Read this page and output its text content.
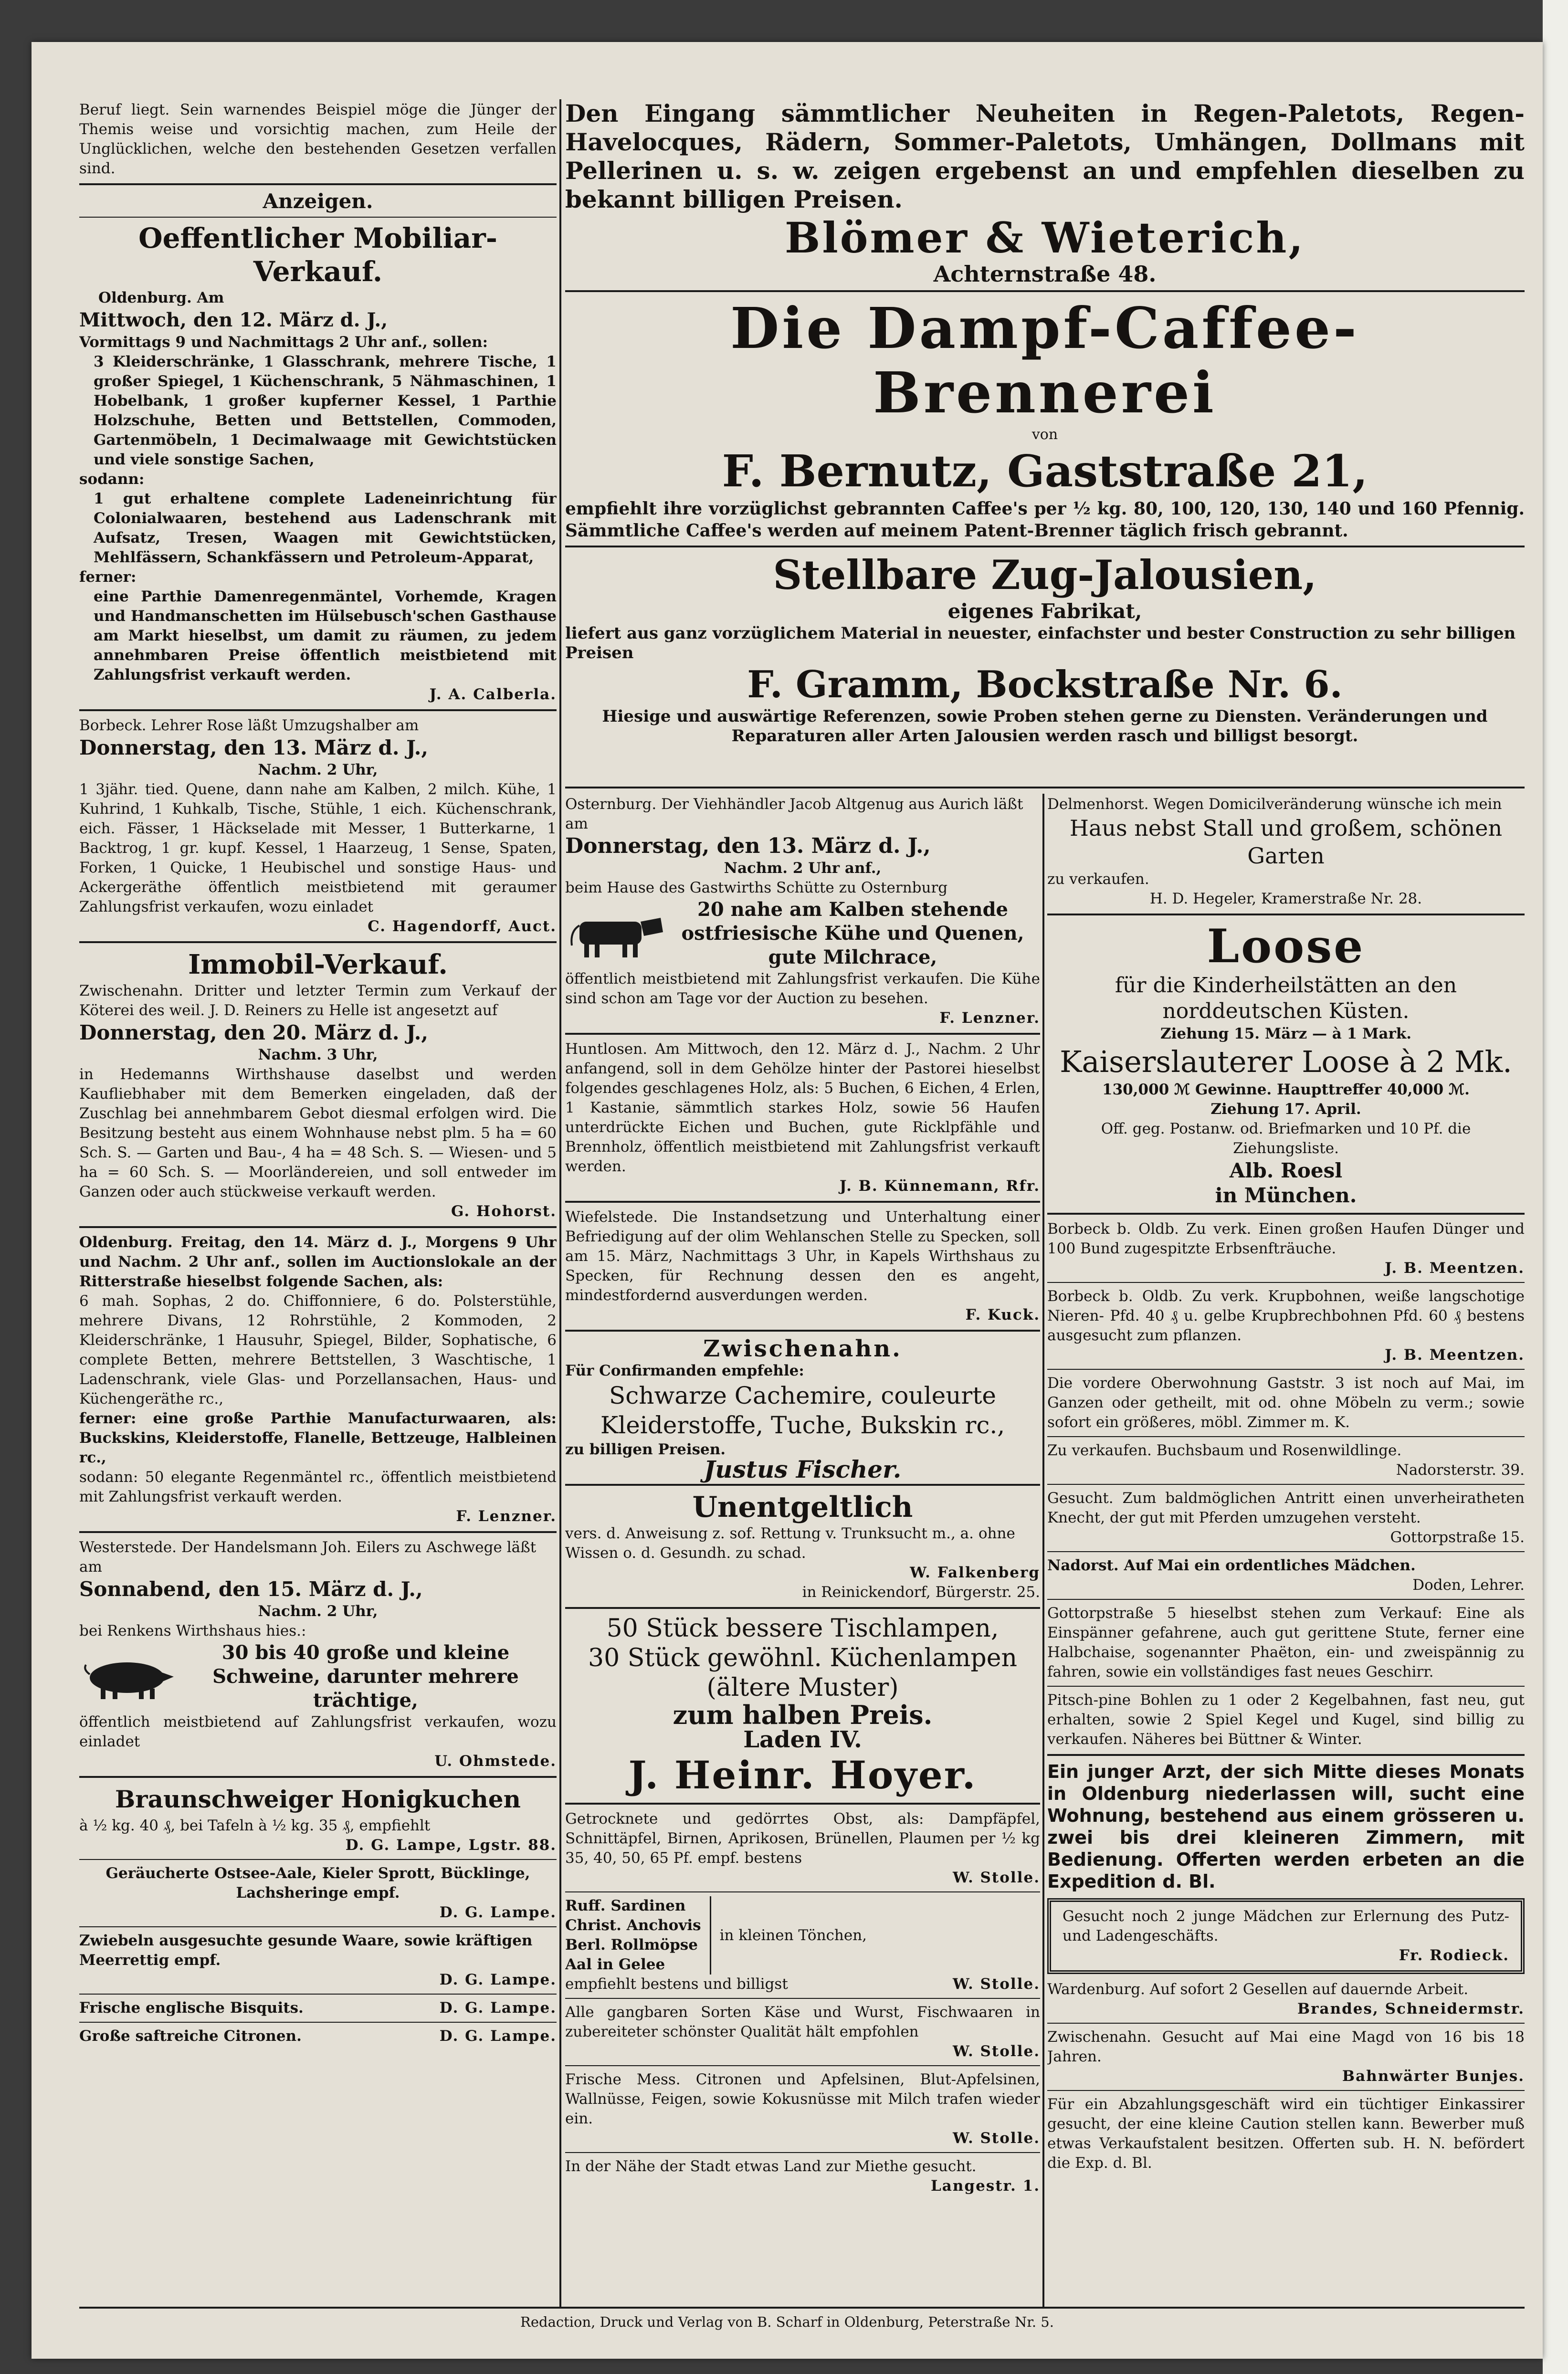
Beruf liegt. Sein warnendes Beispiel möge die Jünger der Themis weise und vorsichtig machen, zum Heile der Unglücklichen, welche den bestehenden Gesetzen verfallen sind.
Anzeigen.
Oeffentlicher Mobiliar-Verkauf.
Oldenburg. Am
Mittwoch, den 12. März d. J.,
Vormittags 9 und Nachmittags 2 Uhr anf., sollen:
3 Kleiderschränke, 1 Glasschrank, mehrere Tische, 1 großer Spiegel, 1 Küchenschrank, 5 Nähmaschinen, 1 Hobelbank, 1 großer kupferner Kessel, 1 Parthie Holzschuhe, Betten und Bettstellen, Commoden, Gartenmöbeln, 1 Decimalwaage mit Gewichtstücken und viele sonstige Sachen,
sodann:
1 gut erhaltene complete Ladeneinrichtung für Colonialwaaren, bestehend aus Ladenschrank mit Aufsatz, Tresen, Waagen mit Gewichtstücken, Mehlfässern, Schankfässern und Petroleum-Apparat,
ferner:
eine Parthie Damenregenmäntel, Vorhemde, Kragen und Handmanschetten im Hülsebusch'schen Gasthause am Markt hieselbst, um damit zu räumen, zu jedem annehmbaren Preise öffentlich meistbietend mit Zahlungsfrist verkauft werden.
J. A. Calberla.
Borbeck. Lehrer Rose läßt Umzugshalber am
Donnerstag, den 13. März d. J.,
Nachm. 2 Uhr,
1 3jähr. tied. Quene, dann nahe am Kalben, 2 milch. Kühe, 1 Kuhrind, 1 Kuhkalb, Tische, Stühle, 1 eich. Küchenschrank, eich. Fässer, 1 Häckselade mit Messer, 1 Butterkarne, 1 Backtrog, 1 gr. kupf. Kessel, 1 Haarzeug, 1 Sense, Spaten, Forken, 1 Quicke, 1 Heubischel und sonstige Haus- und Ackergeräthe öffentlich meistbietend mit geraumer Zahlungsfrist verkaufen, wozu einladet
C. Hagendorff, Auct.
Immobil-Verkauf.
Zwischenahn. Dritter und letzter Termin zum Verkauf der Köterei des weil. J. D. Reiners zu Helle ist angesetzt auf
Donnerstag, den 20. März d. J.,
Nachm. 3 Uhr,
in Hedemanns Wirthshause daselbst und werden Kaufliebhaber mit dem Bemerken eingeladen, daß der Zuschlag bei annehmbarem Gebot diesmal erfolgen wird. Die Besitzung besteht aus einem Wohnhause nebst plm. 5 ha = 60 Sch. S. — Garten und Bau-, 4 ha = 48 Sch. S. — Wiesen- und 5 ha = 60 Sch. S. — Moorländereien, und soll entweder im Ganzen oder auch stückweise verkauft werden.
G. Hohorst.
Oldenburg. Freitag, den 14. März d. J., Morgens 9 Uhr und Nachm. 2 Uhr anf., sollen im Auctionslokale an der Ritterstraße hieselbst folgende Sachen, als:
6 mah. Sophas, 2 do. Chiffonniere, 6 do. Polsterstühle, mehrere Divans, 12 Rohrstühle, 2 Kommoden, 2 Kleiderschränke, 1 Hausuhr, Spiegel, Bilder, Sophatische, 6 complete Betten, mehrere Bettstellen, 3 Waschtische, 1 Ladenschrank, viele Glas- und Porzellansachen, Haus- und Küchengeräthe rc.,
ferner: eine große Parthie Manufacturwaaren, als: Buckskins, Kleiderstoffe, Flanelle, Bettzeuge, Halbleinen rc.,
sodann: 50 elegante Regenmäntel rc., öffentlich meistbietend mit Zahlungsfrist verkauft werden.
F. Lenzner.
Westerstede. Der Handelsmann Joh. Eilers zu Aschwege läßt am
Sonnabend, den 15. März d. J.,
Nachm. 2 Uhr,
bei Renkens Wirthshaus hies.:
30 bis 40 große und kleine Schweine, darunter mehrere trächtige,
öffentlich meistbietend auf Zahlungsfrist verkaufen, wozu einladet
U. Ohmstede.
Braunschweiger Honigkuchen
à ½ kg. 40 ₰, bei Tafeln à ½ kg. 35 ₰, empfiehlt
D. G. Lampe, Lgstr. 88.
Geräucherte Ostsee-Aale, Kieler Sprott, Bücklinge, Lachsheringe empf.
D. G. Lampe.
Zwiebeln ausgesuchte gesunde Waare, sowie kräftigen Meerrettig empf.
D. G. Lampe.
Frische englische Bisquits.	D. G. Lampe.
Große saftreiche Citronen.	D. G. Lampe.
Den Eingang sämmtlicher Neuheiten in Regen-Paletots, Regen-Havelocques, Rädern, Sommer-Paletots, Umhängen, Dollmans mit Pellerinen u. s. w. zeigen ergebenst an und empfehlen dieselben zu bekannt billigen Preisen.
Blömer & Wieterich,
Achternstraße 48.
Die Dampf-Caffee-Brennerei
von
F. Bernutz, Gaststraße 21,
empfiehlt ihre vorzüglichst gebrannten Caffee's per ½ kg. 80, 100, 120, 130, 140 und 160 Pfennig. Sämmtliche Caffee's werden auf meinem Patent-Brenner täglich frisch gebrannt.
Stellbare Zug-Jalousien,
eigenes Fabrikat,
liefert aus ganz vorzüglichem Material in neuester, einfachster und bester Construction zu sehr billigen Preisen
F. Gramm, Bockstraße Nr. 6.
Hiesige und auswärtige Referenzen, sowie Proben stehen gerne zu Diensten. Veränderungen und Reparaturen aller Arten Jalousien werden rasch und billigst besorgt.
Osternburg. Der Viehhändler Jacob Altgenug aus Aurich läßt am
Donnerstag, den 13. März d. J.,
Nachm. 2 Uhr anf.,
beim Hause des Gastwirths Schütte zu Osternburg
20 nahe am Kalben stehende ostfriesische Kühe und Quenen, gute Milchrace,
öffentlich meistbietend mit Zahlungsfrist verkaufen. Die Kühe sind schon am Tage vor der Auction zu besehen.
F. Lenzner.
Huntlosen. Am Mittwoch, den 12. März d. J., Nachm. 2 Uhr anfangend, soll in dem Gehölze hinter der Pastorei hieselbst folgendes geschlagenes Holz, als: 5 Buchen, 6 Eichen, 4 Erlen, 1 Kastanie, sämmtlich starkes Holz, sowie 56 Haufen unterdrückte Eichen und Buchen, gute Ricklpfähle und Brennholz, öffentlich meistbietend mit Zahlungsfrist verkauft werden.
J. B. Künnemann, Rfr.
Wiefelstede. Die Instandsetzung und Unterhaltung einer Befriedigung auf der olim Wehlanschen Stelle zu Specken, soll am 15. März, Nachmittags 3 Uhr, in Kapels Wirthshaus zu Specken, für Rechnung dessen den es angeht, mindestfordernd ausverdungen werden.
F. Kuck.
Zwischenahn.
Für Confirmanden empfehle:
Schwarze Cachemire, couleurte Kleiderstoffe, Tuche, Bukskin rc.,
zu billigen Preisen.
Justus Fischer.
Unentgeltlich
vers. d. Anweisung z. sof. Rettung v. Trunksucht m., a. ohne Wissen o. d. Gesundh. zu schad.
W. Falkenberg
in Reinickendorf, Bürgerstr. 25.
50 Stück bessere Tischlampen,
30 Stück gewöhnl. Küchenlampen
(ältere Muster)
zum halben Preis.
Laden IV.
J. Heinr. Hoyer.
Getrocknete und gedörrtes Obst, als: Dampfäpfel, Schnittäpfel, Birnen, Aprikosen, Brünellen, Plaumen per ½ kg 35, 40, 50, 65 Pf. empf. bestens
W. Stolle.
Ruff. Sardinen
Christ. Anchovis
Berl. Rollmöpse
Aal in Gelee
in kleinen Tönchen,
empfiehlt bestens und billigst	W. Stolle.
Alle gangbaren Sorten Käse und Wurst, Fischwaaren in zubereiteter schönster Qualität hält empfohlen
W. Stolle.
Frische Mess. Citronen und Apfelsinen, Blut-Apfelsinen, Wallnüsse, Feigen, sowie Kokusnüsse mit Milch trafen wieder ein.
W. Stolle.
In der Nähe der Stadt etwas Land zur Miethe gesucht.
Langestr. 1.
Delmenhorst. Wegen Domicilveränderung wünsche ich mein
Haus nebst Stall und großem, schönen Garten
zu verkaufen.
H. D. Hegeler, Kramerstraße Nr. 28.
Loose
für die Kinderheilstätten an den norddeutschen Küsten.
Ziehung 15. März — à 1 Mark.
Kaiserslauterer Loose à 2 Mk.
130,000 ℳ Gewinne. Haupttreffer 40,000 ℳ.
Ziehung 17. April.
Off. geg. Postanw. od. Briefmarken und 10 Pf. die Ziehungsliste.
Alb. Roesl
in München.
Borbeck b. Oldb. Zu verk. Einen großen Haufen Dünger und 100 Bund zugespitzte Erbsenfträuche.
J. B. Meentzen.
Borbeck b. Oldb. Zu verk. Krupbohnen, weiße langschotige Nieren- Pfd. 40 ₰ u. gelbe Krupbrechbohnen Pfd. 60 ₰ bestens ausgesucht zum pflanzen.
J. B. Meentzen.
Die vordere Oberwohnung Gaststr. 3 ist noch auf Mai, im Ganzen oder getheilt, mit od. ohne Möbeln zu verm.; sowie sofort ein größeres, möbl. Zimmer m. K.
Zu verkaufen. Buchsbaum und Rosenwildlinge.
Nadorsterstr. 39.
Gesucht. Zum baldmöglichen Antritt einen unverheiratheten Knecht, der gut mit Pferden umzugehen versteht.
Gottorpstraße 15.
Nadorst. Auf Mai ein ordentliches Mädchen.
Doden, Lehrer.
Gottorpstraße 5 hieselbst stehen zum Verkauf: Eine als Einspänner gefahrene, auch gut gerittene Stute, ferner eine Halbchaise, sogenannter Phaëton, ein- und zweispännig zu fahren, sowie ein vollständiges fast neues Geschirr.
Pitsch-pine Bohlen zu 1 oder 2 Kegelbahnen, fast neu, gut erhalten, sowie 2 Spiel Kegel und Kugel, sind billig zu verkaufen. Näheres bei Büttner & Winter.
Ein junger Arzt, der sich Mitte dieses Monats in Oldenburg niederlassen will, sucht eine Wohnung, bestehend aus einem grösseren u. zwei bis drei kleineren Zimmern, mit Bedienung. Offerten werden erbeten an die Expedition d. Bl.
Gesucht noch 2 junge Mädchen zur Erlernung des Putz- und Ladengeschäfts.
Fr. Rodieck.
Wardenburg. Auf sofort 2 Gesellen auf dauernde Arbeit.
Brandes, Schneidermstr.
Zwischenahn. Gesucht auf Mai eine Magd von 16 bis 18 Jahren.
Bahnwärter Bunjes.
Für ein Abzahlungsgeschäft wird ein tüchtiger Einkassirer gesucht, der eine kleine Caution stellen kann. Bewerber muß etwas Verkaufstalent besitzen. Offerten sub. H. N. befördert die Exp. d. Bl.
Redaction, Druck und Verlag von B. Scharf in Oldenburg, Peterstraße Nr. 5.
